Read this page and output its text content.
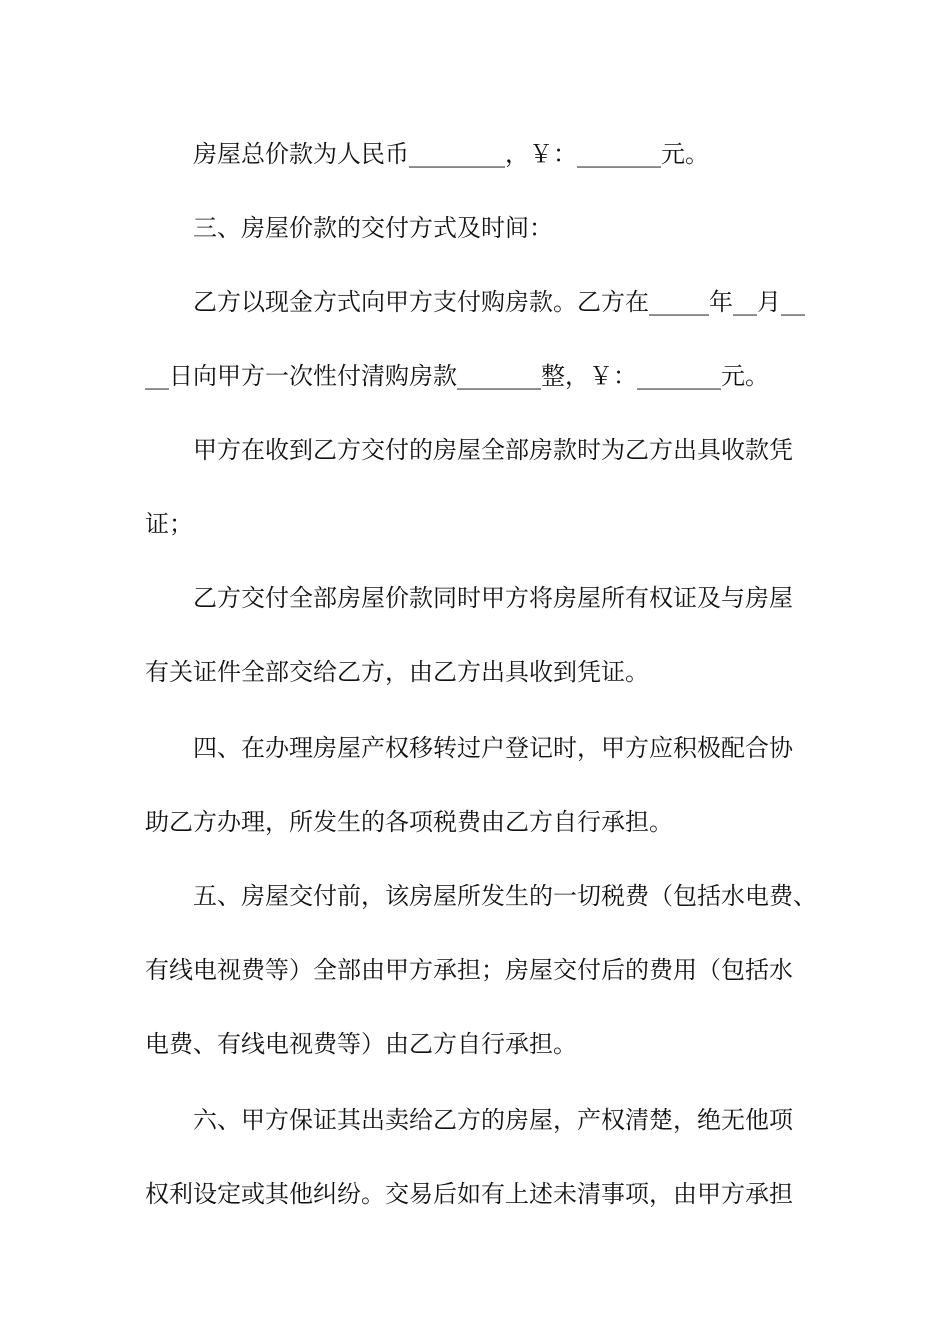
房屋总价款为人民币________，￥：_______元。
三、房屋价款的交付方式及时间：
乙方以现金方式向甲方支付购房款。乙方在_____年__月__
__日向甲方一次性付清购房款_______整，￥：_______元。
甲方在收到乙方交付的房屋全部房款时为乙方出具收款凭
证；
乙方交付全部房屋价款同时甲方将房屋所有权证及与房屋
有关证件全部交给乙方，由乙方出具收到凭证。
四、在办理房屋产权移转过户登记时，甲方应积极配合协
助乙方办理，所发生的各项税费由乙方自行承担。
五、房屋交付前，该房屋所发生的一切税费（包括水电费、
有线电视费等）全部由甲方承担；房屋交付后的费用（包括水
电费、有线电视费等）由乙方自行承担。
六、甲方保证其出卖给乙方的房屋，产权清楚，绝无他项
权利设定或其他纠纷。交易后如有上述未清事项，由甲方承担
